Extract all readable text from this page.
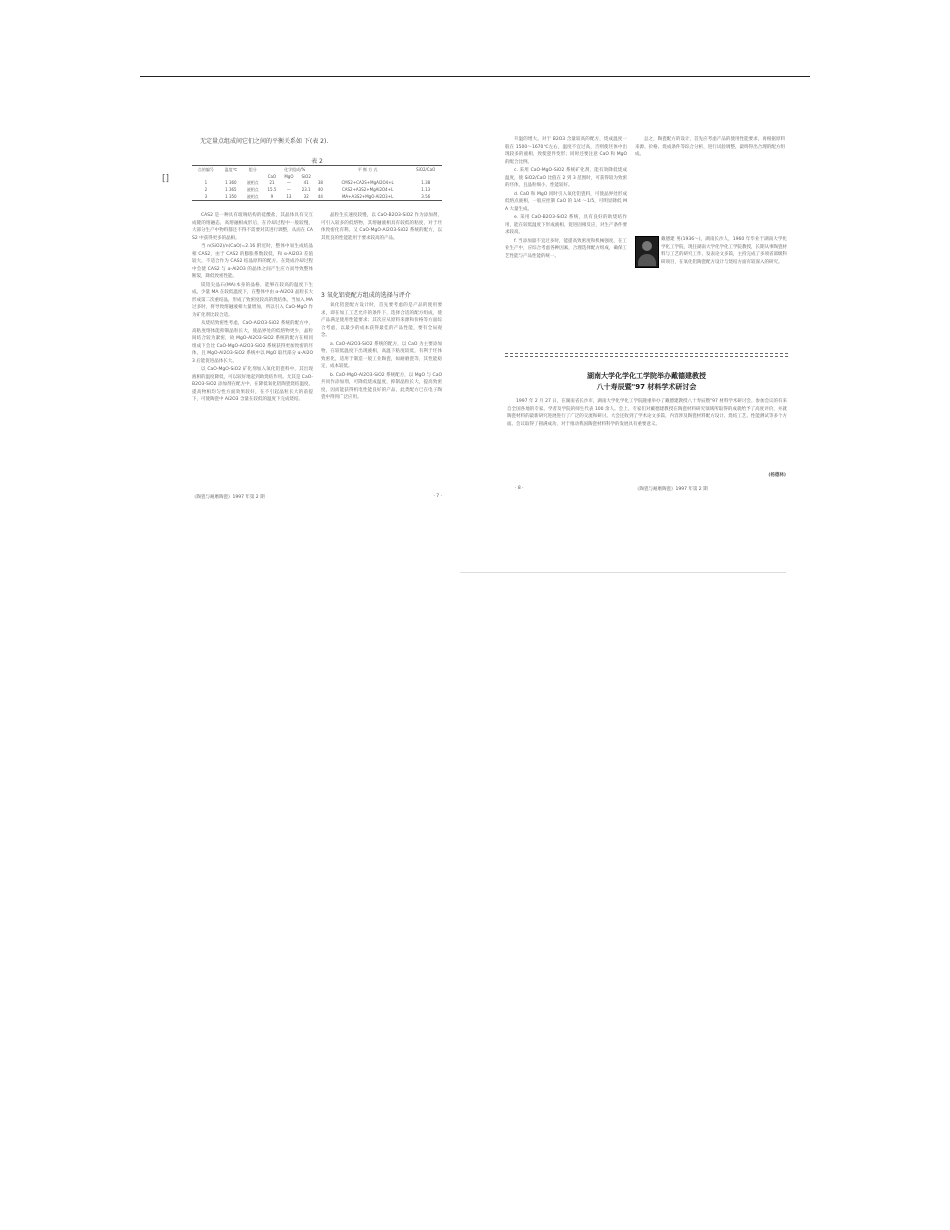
[]
无定量点组成间它们之间的平衡关系如 下(表 2).
表 2
点的编号	温度℃	组分	化学组成/%				平 衡 方 式	SiO2/CaO
			CaO	MgO	SiO2			
1	1 360	液相点	21	—	41	38	CMS2+CA2S+MgAl2O4+L	1.38
2	1 365	液相点	15.5	—	23.1	40	CAS2+A3S2+MgAl2O4+L	1.13
3	1 350	液相点	9	13	32	44	MA+A3S2+MgO·Al2O3+L	3.56

CAS2 是一种具有玻璃结构的硅酸盐，其晶体具有交互成键的熔融态，高熔融相成形后，在冷却过程中一般较慢，大部分生产中物料都还不得不需要对其进行调整，从而在 CAS2 中获得更多的晶相。

当 n(SiO2)/n(CaO)=2.16 附近时，整体中易生成结晶相 CAS2，由于 CAS2 的膨胀系数较低，和 α-Al2O3 差值较大，不适合作为 CAS2 结晶原料的配方，在烧成冷却过程中会使 CAS2 与 α-Al2O3 的晶体之间产生应力而导致整体断裂，降低致密性能。

镁铝尖晶石(MA)本身的晶格，能够在较高的温度下生成。少量 MA 在较低温度下，在整体中由 α-Al2O3 晶粒长大形成第二次重结晶，形成了致密度较高的烧结体。当加入 MA 过多时，将导致熔融液相大量增加，所以引入 CaO-MgO 作为矿化剂比较合适。

从烧结致密性考虑，CaO-Al2O3-SiO2 系统的配方中，高粘度熔体能抑制晶粒长大，使晶界处的低熔物更少，晶粒间结合较为紧密，故 MgO-Al2O3-SiO2 系统的配方在相同组成下会比 CaO-MgO-Al2O3-SiO2 系统获得更加致密的坯体，且 MgO-Al2O3-SiO2 系统中以 MgO 取代部分 α-Al2O3 后能促进晶体长大。

以 CaO-MgO-SiO2 矿化剂加入氧化铝瓷料中，其出现液相的温度降低，可以较好地起到助烧结作用。尤其是 CaO-B2O3-SiO2 添加剂在配方中，在降低氧化铝陶瓷烧结温度、提高物相均匀性方面效果较好，在不引起晶粒长大的前提下，可使陶瓷中 Al2O3 含量在较低的温度下完成烧结。

晶粒生长速度较慢，以 CaO-B2O3-SiO2 作为添加剂，可引入较多的低熔物，其熔融液相具有较低的粘度，对于坯体致密化有利。又 CaO-MgO-Al2O3-SiO2 系统的配方，以其优良的性能能用于要求较高的产品。

3 氧化铝瓷配方组成的选择与评介

氧化铝瓷配方设计时，首先要考虑的是产品的使用要求，即在加工工艺允许的条件下，选择合适的配方组成，使产品满足使用性能要求；其次应从原料来源和价格等方面综合考虑，以最少的成本获得最佳的产品性能，要有全局观念。

a. CaO-Al2O3-SiO2 系统的配方，以 CaO 为主要添加物，在较低温度下出现液相，高温下粘度较低，有利于坯体致密化，适用于制造一般工业陶瓷，如耐磨瓷等，其性能稳定，成本较低。

b. CaO-MgO-Al2O3-SiO2 系统配方，以 MgO 与 CaO 共同作添加剂，可降低烧成温度，抑制晶粒长大，提高致密度，因而能获得机电性能良好的产品，此类配方已在电子陶瓷中得到广泛应用。

《陶瓷与耐磨陶瓷》1997 年第 2 期	· 7 ·

升温的增大。对于 B2O3 含量较高的配方，烧成温度一般在 1500～1670℃左右，温度不宜过高，否则使坯体中出现较多的液相，致使瓷件变形；同时还要注意 CaO 和 MgO 的配合比例。

c. 采用 CaO-MgO-SiO2 系统矿化剂，能有效降低烧成温度，使 SiO2/CaO 比值在 2 到 3 范围时，可获得较为致密的坯体，且晶粒细小，性能较好。

d. CaO 和 MgO 同时引入氧化铝瓷料，可使晶界处形成低熔点液相，一般应控制 CaO 的 1/4 ～1/5，可明显降低 MA 大量生成。

e. 采用 CaO-B2O3-SiO2 系统，具有良好的助烧结作用，能在较低温度下形成液相，促进固相反应，对生产条件要求较高。

f. 当添加量不宜过多时，能提高致密度和机械强度，在工业生产中，应综合考虑各种因素，合理选择配方组成，确保工艺性能与产品性能的统一。

总之，陶瓷配方的设计，首先应考虑产品的使用性能要求，再根据原料来源、价格、烧成条件等综合分析，进行试验调整，最终得出合理的配方组成。

戴德建 男(1936～)，湖南长沙人，1960 年毕业于湖南大学化学化工学院，现任湖南大学化学化工学院教授，长期从事陶瓷材料与工艺的研究工作，发表论文多篇，主持完成了多项省部级科研项目，在氧化铝陶瓷配方设计与烧结方面有较深入的研究。
湖南大学化学化工学院举办戴德建教授
八十寿辰暨"97 材料学术研讨会

1997 年 2 月 27 日，在湖南省长沙市，湖南大学化学化工学院隆重举办了戴德建教授八十寿辰暨"97 材料学术研讨会。参加会议的有来自全国各地的专家、学者及学院的师生代表 100 余人。会上，专家们对戴德建教授在陶瓷材料研究领域所取得的成就给予了高度评价，并就陶瓷材料的最新研究进展进行了广泛的交流和研讨。大会还收到了学术论文多篇，内容涉及陶瓷材料配方设计、烧结工艺、性能测试等多个方面。会议取得了圆满成功，对于推动我国陶瓷材料科学的发展具有重要意义。

(杨德林)
· 8 ·	《陶瓷与耐磨陶瓷》1997 年第 2 期
